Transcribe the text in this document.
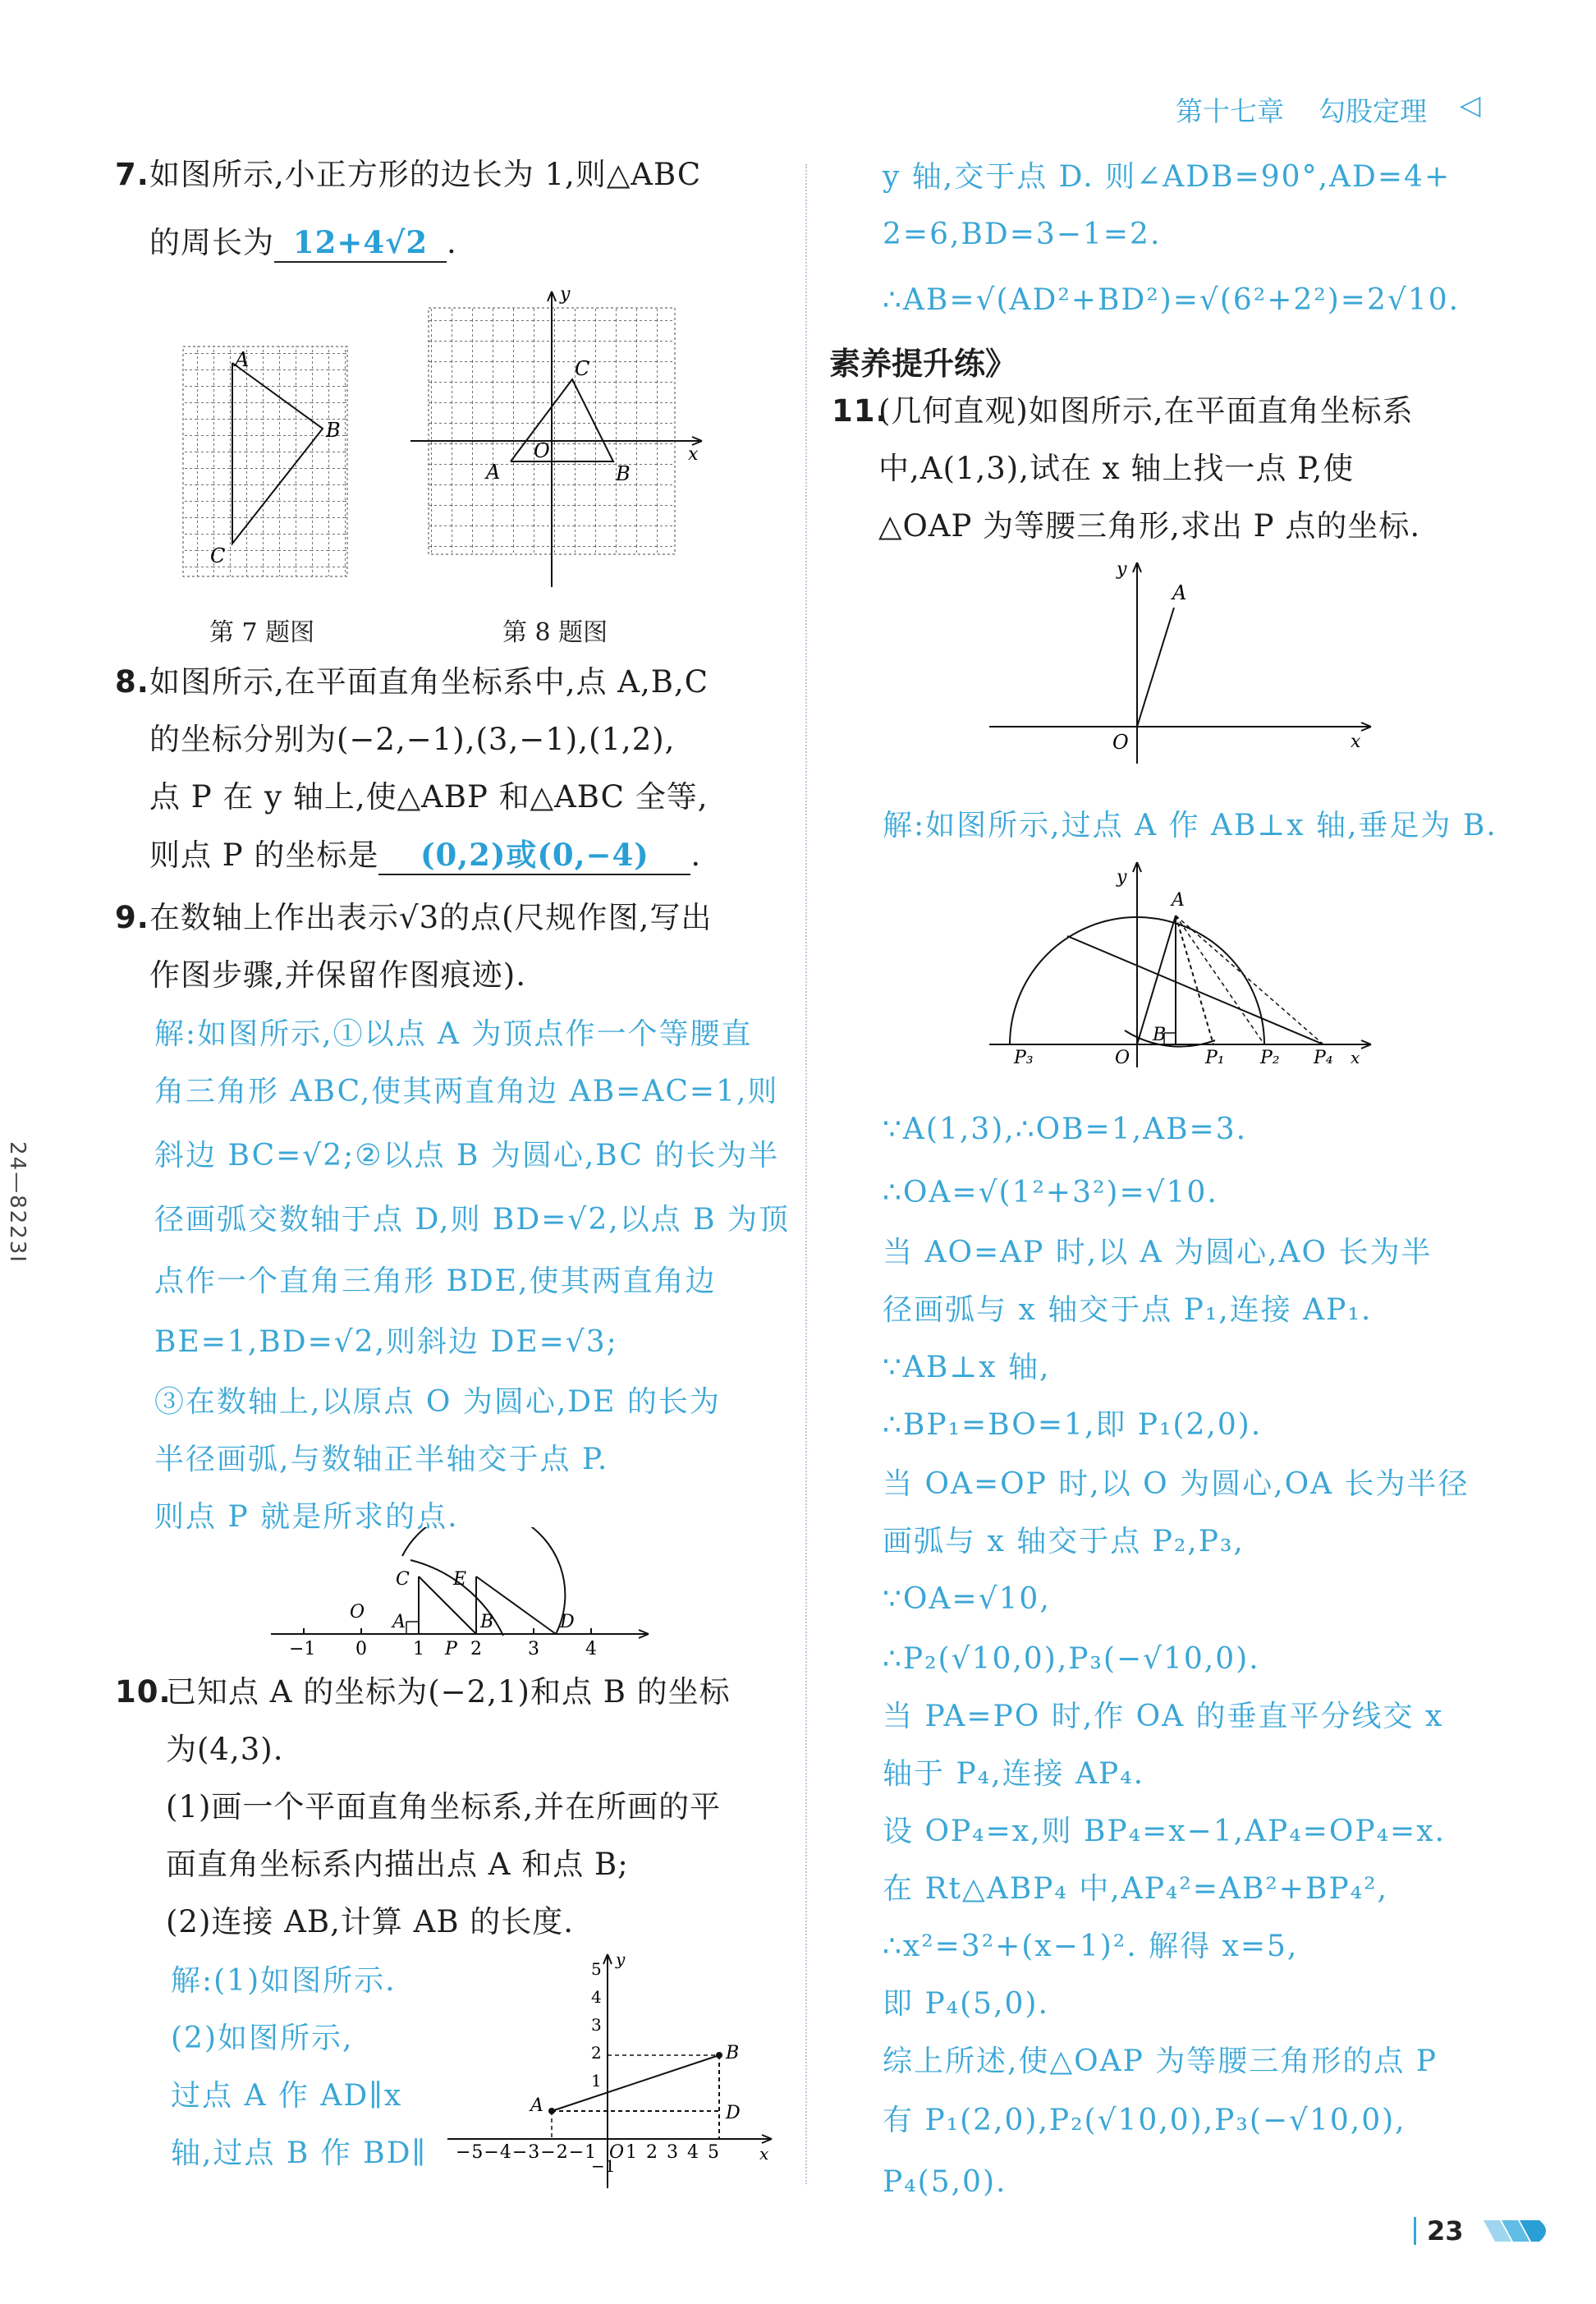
第十七章 勾股定理 ◁
24—8223I
7. 如图所示,小正方形的边长为 1,则△ABC
的周长为 12+4√2 .
A
B
C
第 7 题图
y
x
O
C
A	B
第 8 题图
8. 如图所示,在平面直角坐标系中,点 A,B,C
的坐标分别为(−2,−1),(3,−1),(1,2),
点 P 在 y 轴上,使△ABP 和△ABC 全等,
则点 P 的坐标是 (0,2)或(0,−4) .
9. 在数轴上作出表示√3的点(尺规作图,写出
作图步骤,并保留作图痕迹).
解:如图所示,①以点 A 为顶点作一个等腰直
角三角形 ABC,使其两直角边 AB=AC=1,则
斜边 BC=√2;②以点 B 为圆心,BC 的长为半
径画弧交数轴于点 D,则 BD=√2,以点 B 为顶
点作一个直角三角形 BDE,使其两直角边
BE=1,BD=√2,则斜边 DE=√3;
③在数轴上,以原点 O 为圆心,DE 的长为
半径画弧,与数轴正半轴交于点 P.
则点 P 就是所求的点.
C E
O A	B
P
D
−1 0	1	2	3	4
10.
已知点 A 的坐标为(−2,1)和点 B 的坐标
为(4,3).
(1)画一个平面直角坐标系,并在所画的平
面直角坐标系内描出点 A 和点 B;
(2)连接 AB,计算 AB 的长度.
解:(1)如图所示.
(2)如图所示,
过点 A 作 AD∥x
轴,过点 B 作 BD∥
y
x
A
B
D
O
−5−4−3−2−1 1 2 3 4 5
5
4
3
2
1
−1
y 轴,交于点 D. 则∠ADB=90°,AD=4+
2=6,BD=3−1=2.
∴AB=√(AD²+BD²)=√(6²+2²)=2√10.
素养提升练》
11.
(几何直观)如图所示,在平面直角坐标系
中,A(1,3),试在 x 轴上找一点 P,使
△OAP 为等腰三角形,求出 P 点的坐标.
y
A
O	x
解:如图所示,过点 A 作 AB⊥x 轴,垂足为 B.
y
A
B
O
P₃	P₁ P₂ P₄ x
∵A(1,3),∴OB=1,AB=3.
∴OA=√(1²+3²)=√10.
当 AO=AP 时,以 A 为圆心,AO 长为半
径画弧与 x 轴交于点 P₁,连接 AP₁.
∵AB⊥x 轴,
∴BP₁=BO=1,即 P₁(2,0).
当 OA=OP 时,以 O 为圆心,OA 长为半径
画弧与 x 轴交于点 P₂,P₃,
∵OA=√10,
∴P₂(√10,0),P₃(−√10,0).
当 PA=PO 时,作 OA 的垂直平分线交 x
轴于 P₄,连接 AP₄.
设 OP₄=x,则 BP₄=x−1,AP₄=OP₄=x.
在 Rt△ABP₄ 中,AP₄²=AB²+BP₄²,
∴x²=3²+(x−1)². 解得 x=5,
即 P₄(5,0).
综上所述,使△OAP 为等腰三角形的点 P
有 P₁(2,0),P₂(√10,0),P₃(−√10,0),
P₄(5,0).
23
